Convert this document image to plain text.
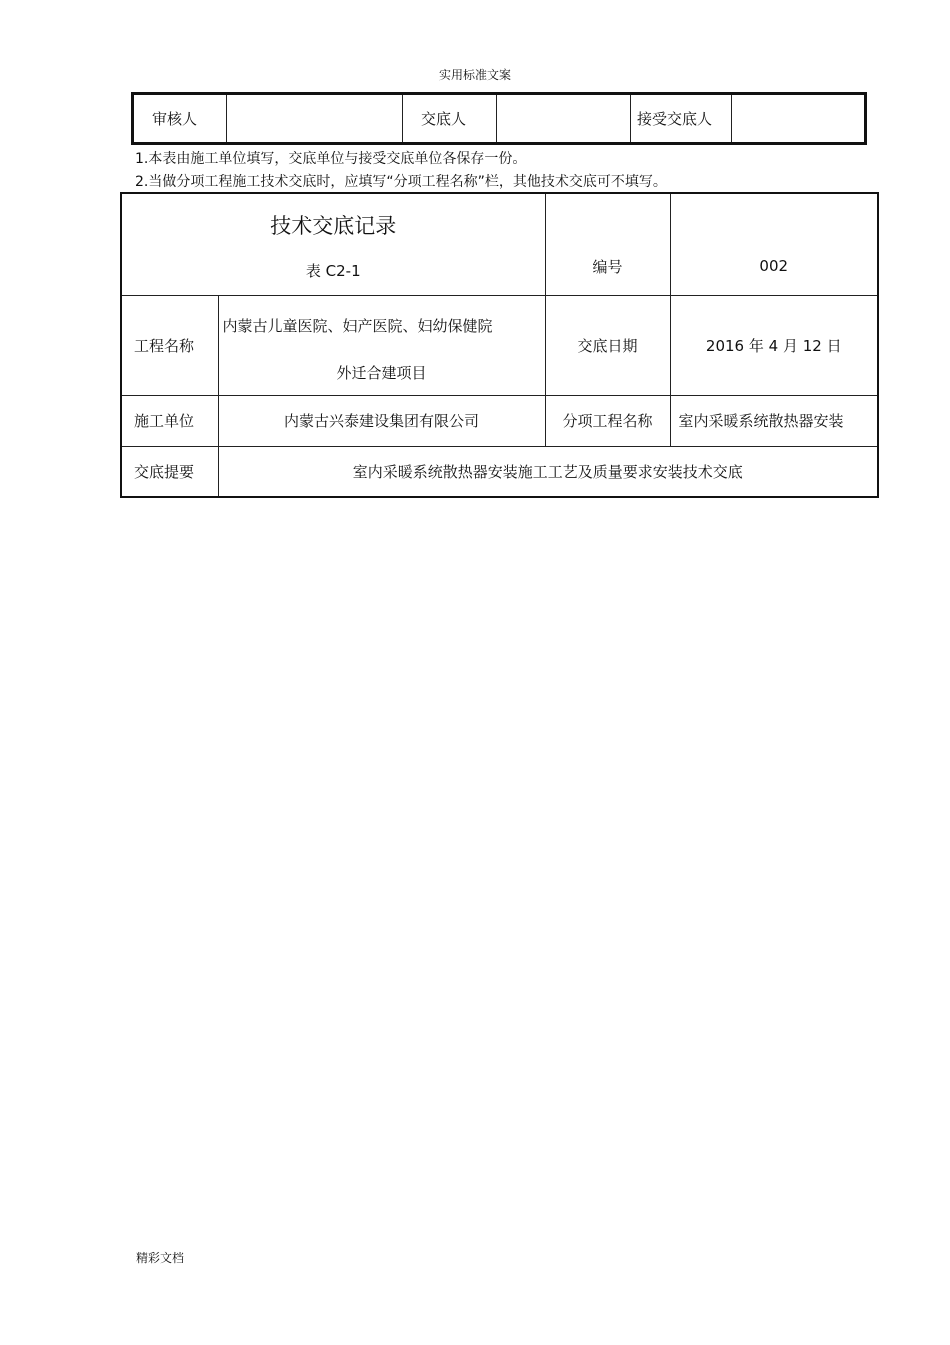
实用标准文案
审核人		交底人		接受交底人	
1.本表由施工单位填写，交底单位与接受交底单位各保存一份。
2.当做分项工程施工技术交底时，应填写“分项工程名称”栏，其他技术交底可不填写。
技术交底记录
表 C2-1		编号	002
工程名称	内蒙古儿童医院、妇产医院、妇幼保健院
外迁合建项目	交底日期	2016 年 4 月 12 日
施工单位	内蒙古兴泰建设集团有限公司	分项工程名称	室内采暖系统散热器安装
交底提要	室内采暖系统散热器安装施工工艺及质量要求安装技术交底		
精彩文档
